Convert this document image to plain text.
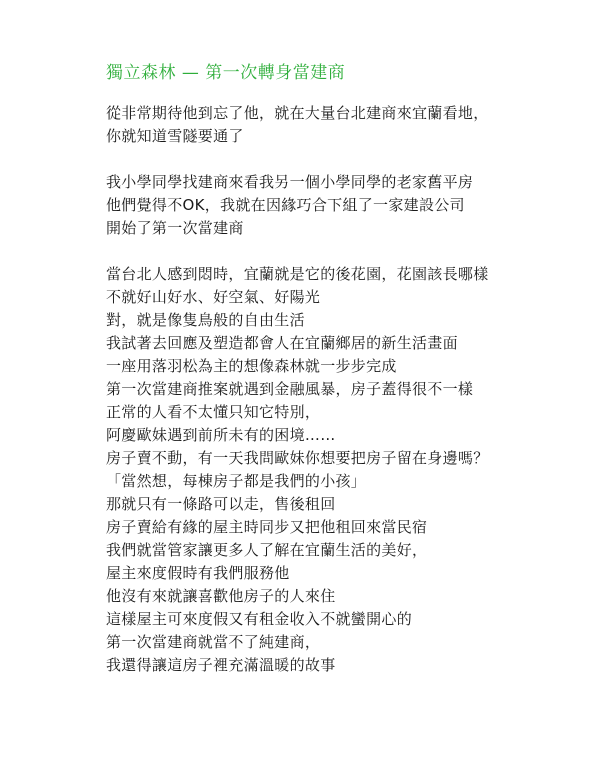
獨立森林 — 第一次轉身當建商
從非常期待他到忘了他，就在大量台北建商來宜蘭看地，
你就知道雪隧要通了
我小學同學找建商來看我另一個小學同學的老家舊平房
他們覺得不OK，我就在因緣巧合下組了一家建設公司
開始了第一次當建商
當台北人感到悶時，宜蘭就是它的後花園，花園該長哪樣
不就好山好水、好空氣、好陽光
對，就是像隻鳥般的自由生活
我試著去回應及塑造都會人在宜蘭鄉居的新生活畫面
一座用落羽松為主的想像森林就一步步完成
第一次當建商推案就遇到金融風暴，房子蓋得很不一樣
正常的人看不太懂只知它特別，
阿慶歐妹遇到前所未有的困境……
房子賣不動，有一天我問歐妹你想要把房子留在身邊嗎？
「當然想，每棟房子都是我們的小孩」
那就只有一條路可以走，售後租回
房子賣給有緣的屋主時同步又把他租回來當民宿
我們就當管家讓更多人了解在宜蘭生活的美好，
屋主來度假時有我們服務他
他沒有來就讓喜歡他房子的人來住
這樣屋主可來度假又有租金收入不就蠻開心的
第一次當建商就當不了純建商，
我還得讓這房子裡充滿溫暖的故事
